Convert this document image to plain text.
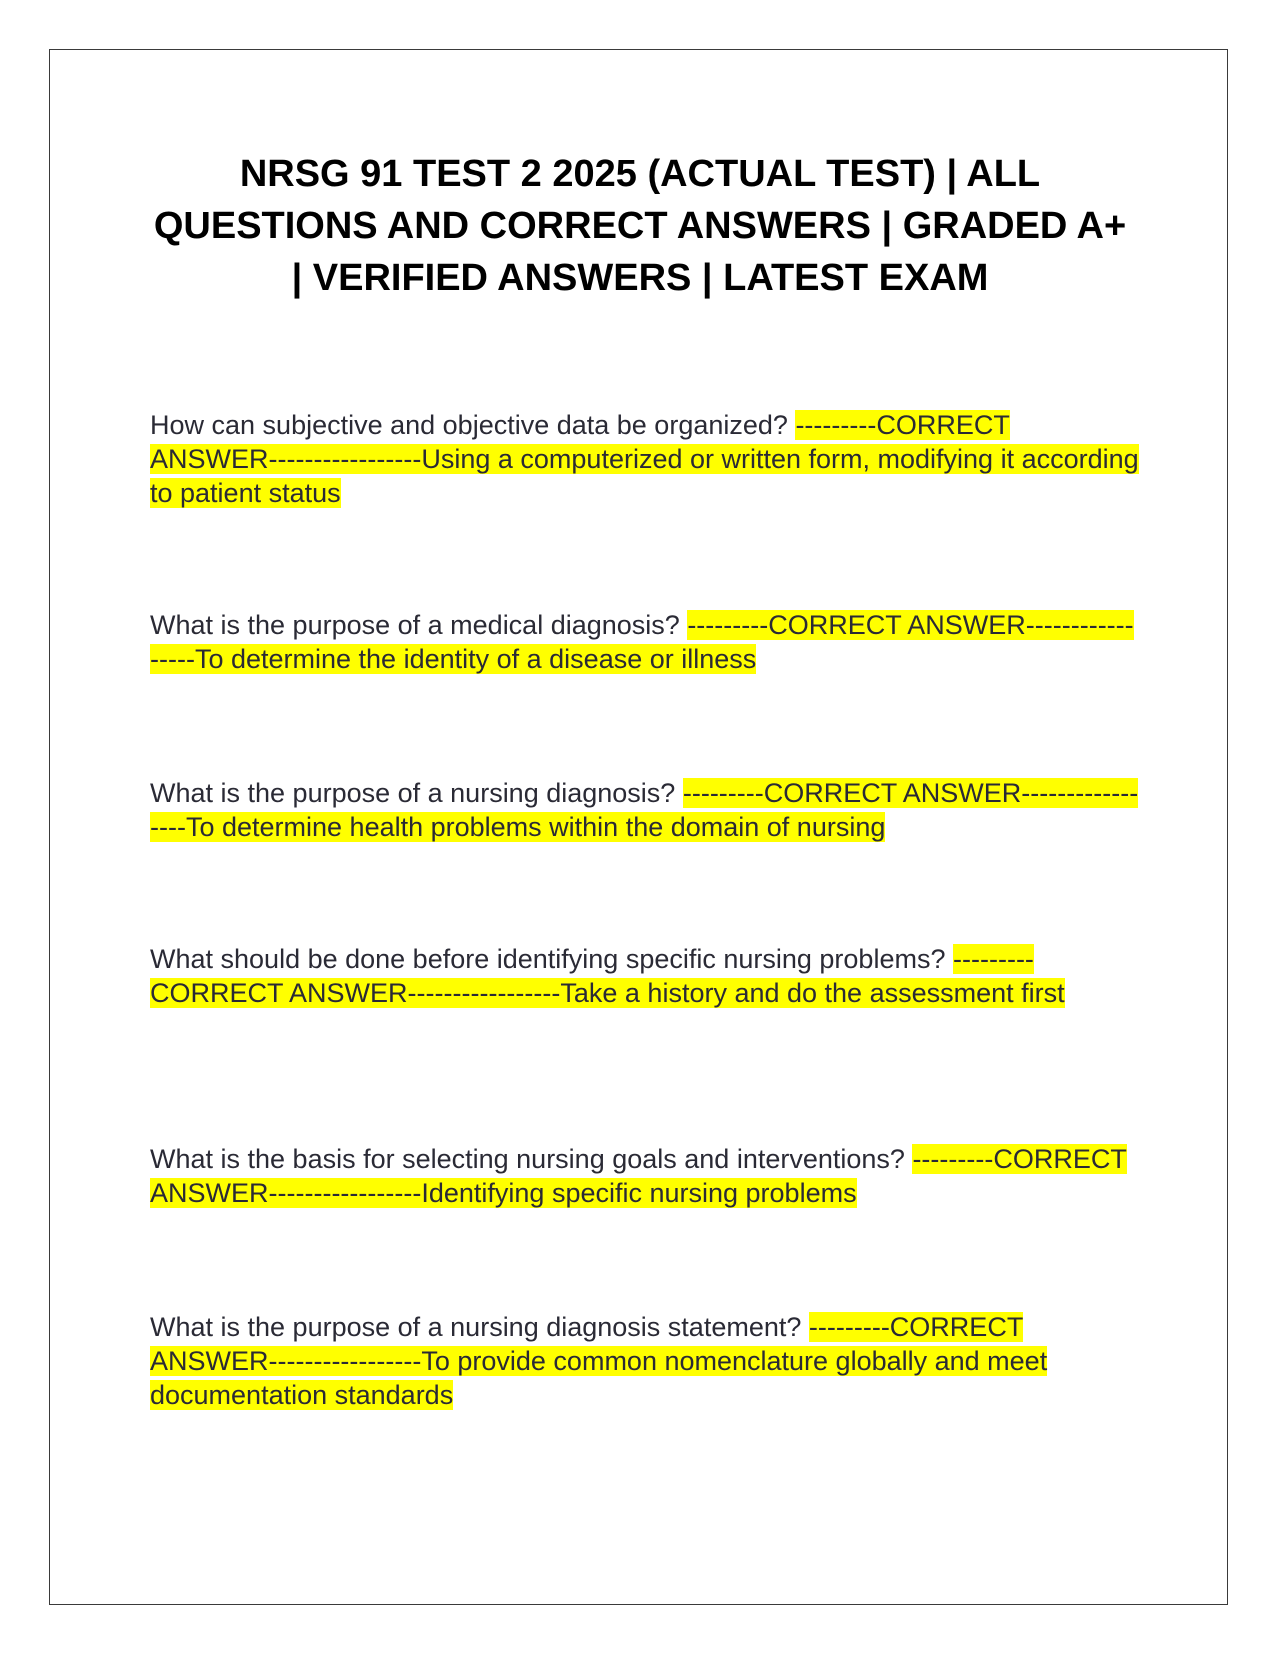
NRSG 91 TEST 2 2025 (ACTUAL TEST) | ALL QUESTIONS AND CORRECT ANSWERS | GRADED A+ | VERIFIED ANSWERS | LATEST EXAM

How can subjective and objective data be organized? ---------CORRECT ANSWER-----------------Using a computerized or written form, modifying it according to patient status

What is the purpose of a medical diagnosis? ---------CORRECT ANSWER-----------------To determine the identity of a disease or illness

What is the purpose of a nursing diagnosis? ---------CORRECT ANSWER-----------------To determine health problems within the domain of nursing

What should be done before identifying specific nursing problems? ---------CORRECT ANSWER-----------------Take a history and do the assessment first

What is the basis for selecting nursing goals and interventions? ---------CORRECT ANSWER-----------------Identifying specific nursing problems

What is the purpose of a nursing diagnosis statement? ---------CORRECT ANSWER-----------------To provide common nomenclature globally and meet documentation standards
